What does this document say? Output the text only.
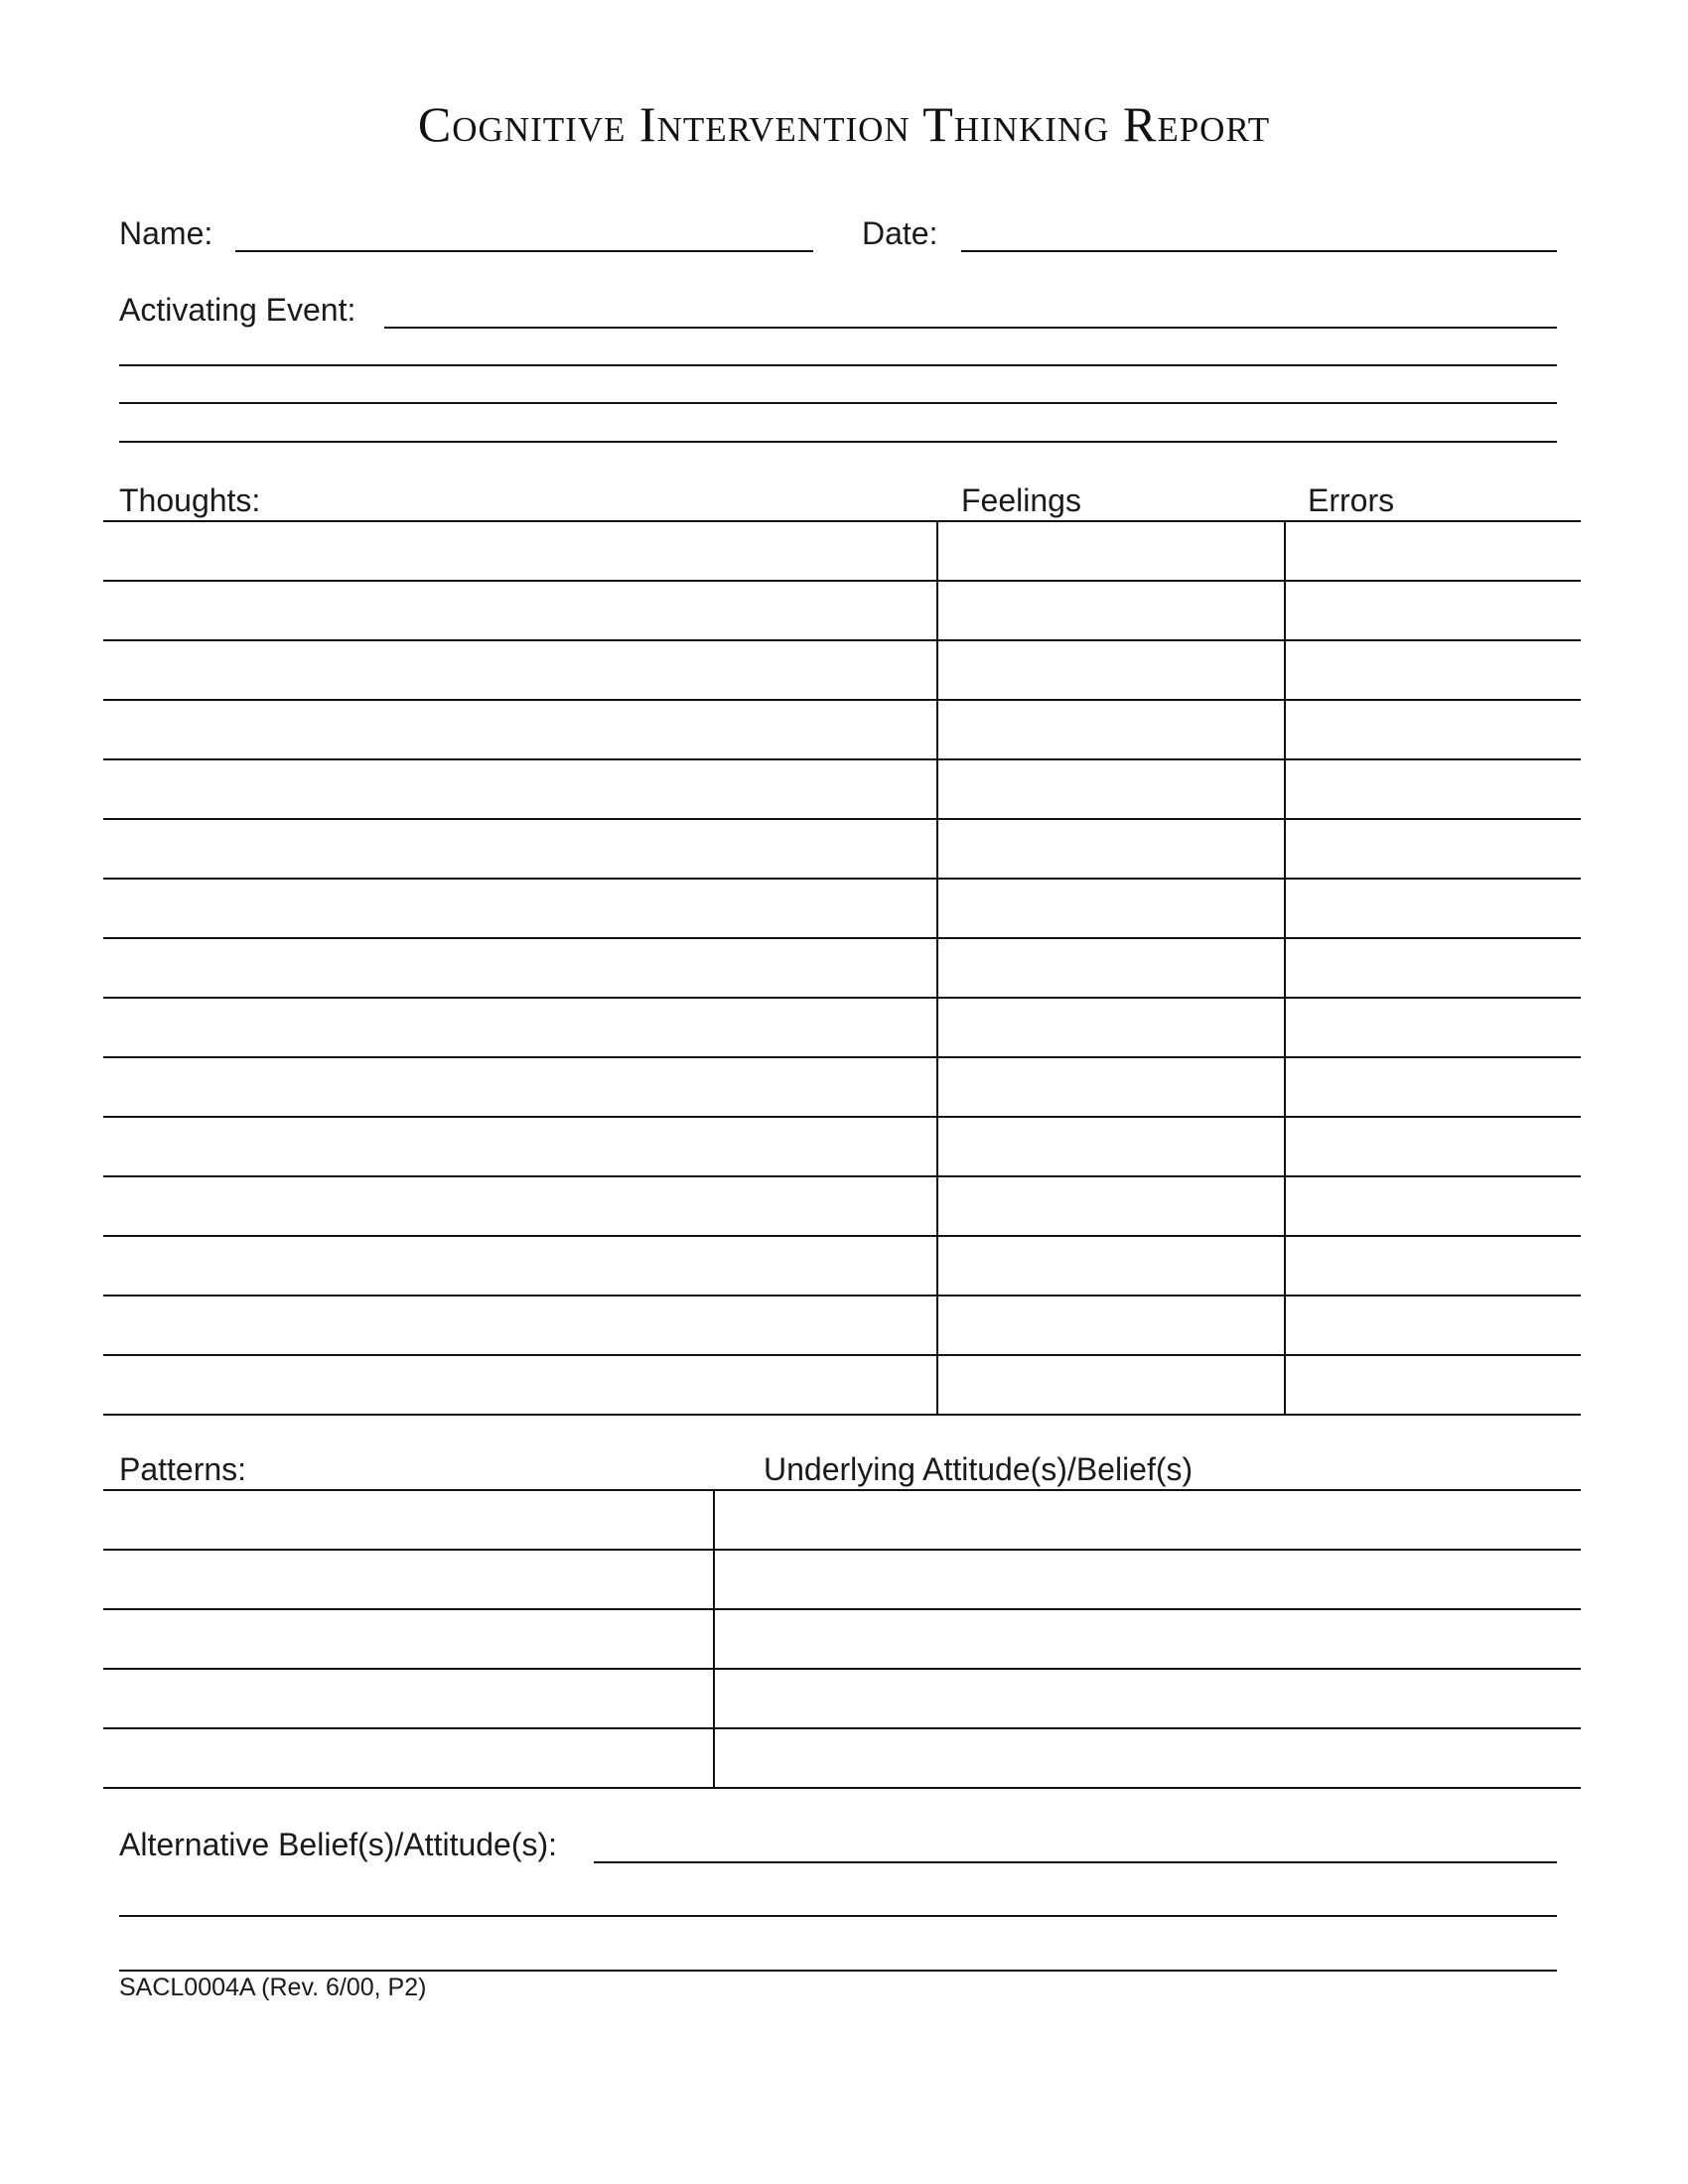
Cognitive Intervention Thinking Report
Name:	Date:
Activating Event:
Thoughts:	Feelings	Errors

Patterns:	Underlying Attitude(s)/Belief(s)

Alternative Belief(s)/Attitude(s):
SACL0004A (Rev. 6/00, P2)
